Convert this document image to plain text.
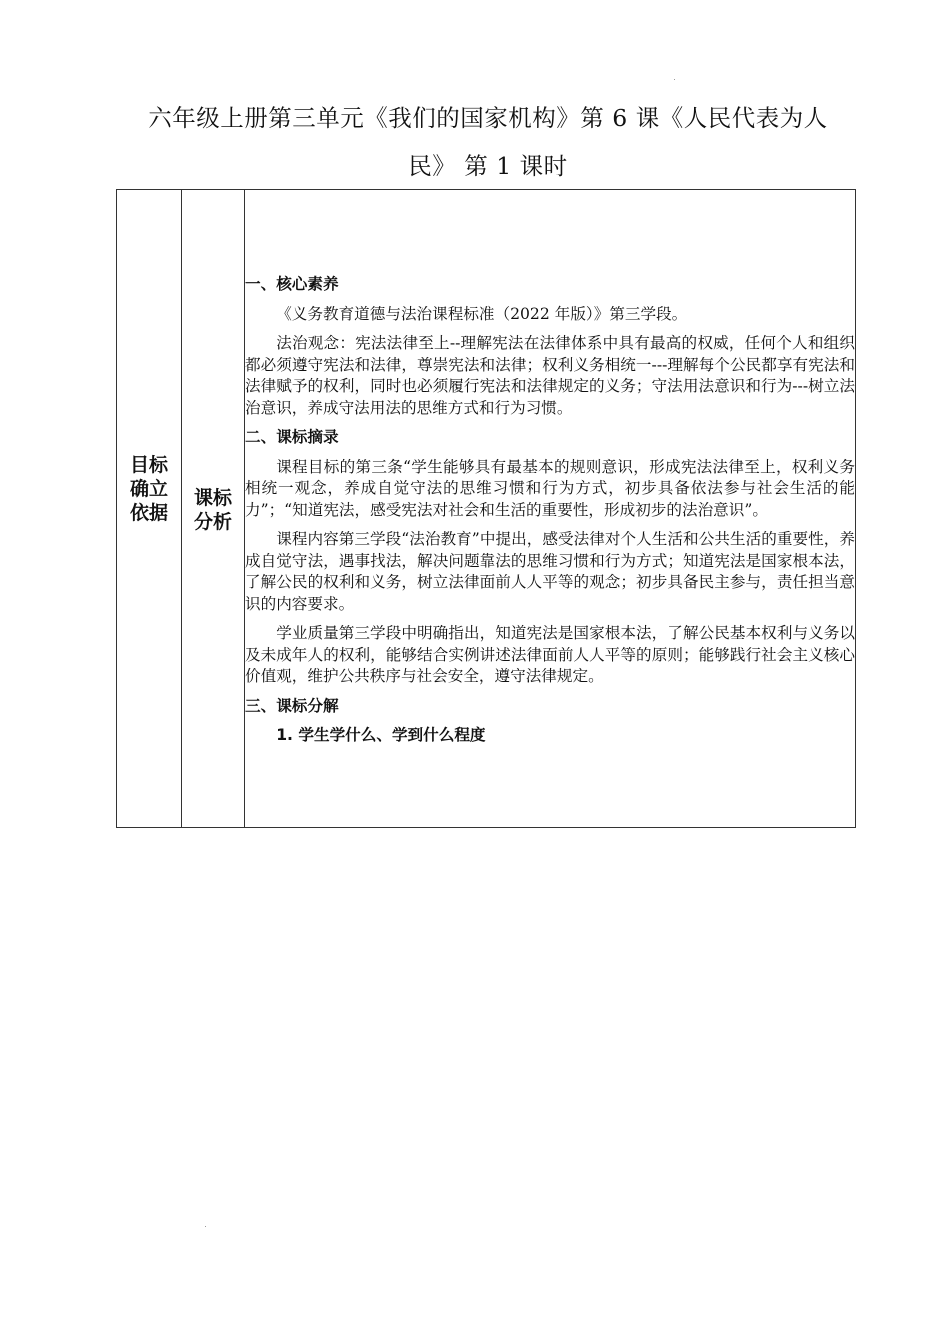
六年级上册第三单元《我们的国家机构》第 6 课《人民代表为人
民》 第 1 课时
目标
确立
依据

课标
分析

一、核心素养

《义务教育道德与法治课程标准（2022 年版）》第三学段。

法治观念：宪法法律至上--理解宪法在法律体系中具有最高的权威，任何个人和组织都必须遵守宪法和法律，尊崇宪法和法律；权利义务相统一---理解每个公民都享有宪法和法律赋予的权利，同时也必须履行宪法和法律规定的义务；守法用法意识和行为---树立法治意识，养成守法用法的思维方式和行为习惯。

二、课标摘录

课程目标的第三条“学生能够具有最基本的规则意识，形成宪法法律至上，权利义务相统一观念，养成自觉守法的思维习惯和行为方式，初步具备依法参与社会生活的能力”；“知道宪法，感受宪法对社会和生活的重要性，形成初步的法治意识”。

课程内容第三学段“法治教育”中提出，感受法律对个人生活和公共生活的重要性，养成自觉守法，遇事找法，解决问题靠法的思维习惯和行为方式；知道宪法是国家根本法，了解公民的权利和义务，树立法律面前人人平等的观念；初步具备民主参与，责任担当意识的内容要求。

学业质量第三学段中明确指出，知道宪法是国家根本法，了解公民基本权利与义务以及未成年人的权利，能够结合实例讲述法律面前人人平等的原则；能够践行社会主义核心价值观，维护公共秩序与社会安全，遵守法律规定。

三、课标分解
1. 学生学什么、学到什么程度
